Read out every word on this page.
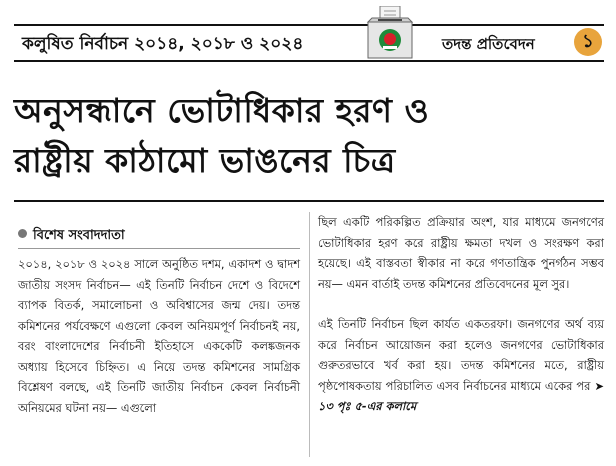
কলুষিত নির্বাচন ২০১৪, ২০১৮ ও ২০২৪	তদন্ত প্রতিবেদন	১
অনুসন্ধানে ভোটাধিকার হরণ ও
রাষ্ট্রীয় কাঠামো ভাঙনের চিত্র
বিশেষ সংবাদদাতা

২০১৪, ২০১৮ ও ২০২৪ সালে অনুষ্ঠিত দশম, একাদশ ও দ্বাদশ জাতীয় সংসদ নির্বাচন— এই তিনটি নির্বাচন দেশে ও বিদেশে ব্যাপক বিতর্ক, সমালোচনা ও অবিশ্বাসের জন্ম দেয়। তদন্ত কমিশনের পর্যবেক্ষণে এগুলো কেবল অনিয়মপূর্ণ নির্বাচনই নয়, বরং বাংলাদেশের নির্বাচনী ইতিহাসে এককেটি কলঙ্কজনক অধ্যায় হিসেবে চিহ্নিত। এ নিয়ে তদন্ত কমিশনের সামগ্রিক বিশ্লেষণ বলছে, এই তিনটি জাতীয় নির্বাচন কেবল নির্বাচনী অনিয়মের ঘটনা নয়— এগুলো

ছিল একটি পরিকল্পিত প্রক্রিয়ার অংশ, যার মাধ্যমে জনগণের ভোটাধিকার হরণ করে রাষ্ট্রীয় ক্ষমতা দখল ও সংরক্ষণ করা হয়েছে। এই বাস্তবতা স্বীকার না করে গণতান্ত্রিক পুনর্গঠন সম্ভব নয়— এমন বার্তাই তদন্ত কমিশনের প্রতিবেদনের মূল সুর।

এই তিনটি নির্বাচন ছিল কার্যত একতরফা। জনগণের অর্থ ব্যয় করে নির্বাচন আয়োজন করা হলেও জনগণের ভোটাধিকার গুরুতরভাবে খর্ব করা হয়। তদন্ত কমিশনের মতে, রাষ্ট্রীয় পৃষ্ঠপোষকতায় পরিচালিত এসব নির্বাচনের মাধ্যমে একের পর ➤ ১৩ পৃঃ ৫-এর কলামে
